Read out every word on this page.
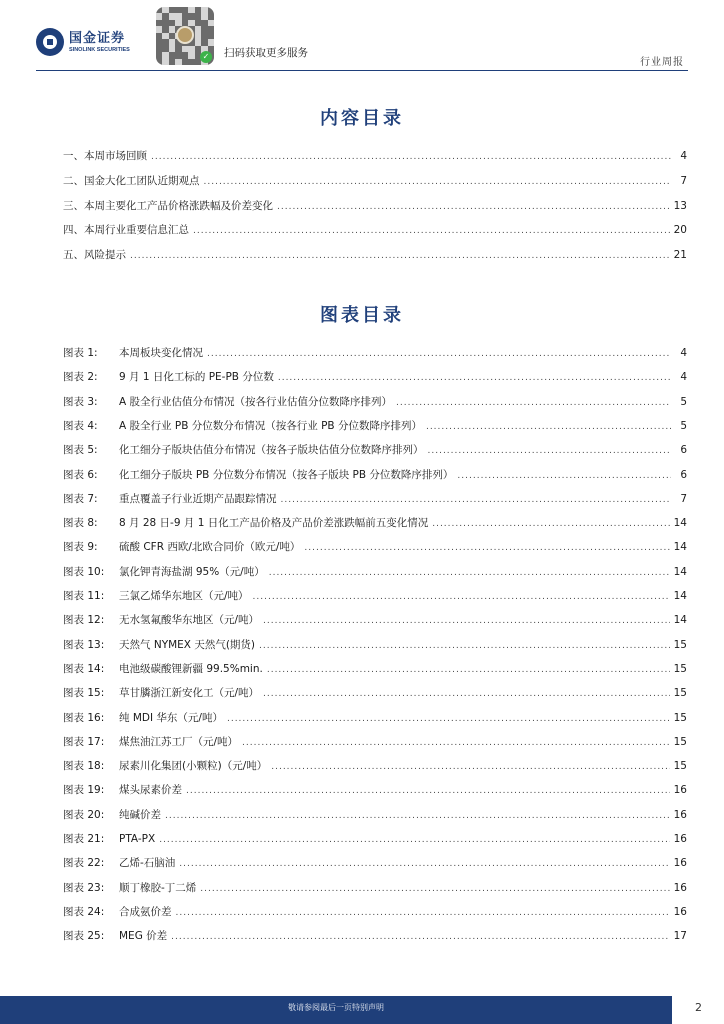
国金证券
SINOLINK SECURITIES
✓ 扫码获取更多服务
行业周报
内容目录
一、本周市场回顾 .....	4
二、国金大化工团队近期观点 .....	7
三、本周主要化工产品价格涨跌幅及价差变化 .....	13
四、本周行业重要信息汇总 .....	20
五、风险提示 .....	21
图表目录
图表 1:	本周板块变化情况 .....	4
图表 2:	9 月 1 日化工标的 PE-PB 分位数 .....	4
图表 3:	A 股全行业估值分布情况（按各行业估值分位数降序排列） .....	5
图表 4:	A 股全行业 PB 分位数分布情况（按各行业 PB 分位数降序排列） .....	5
图表 5:	化工细分子版块估值分布情况（按各子版块估值分位数降序排列） .....	6
图表 6:	化工细分子版块 PB 分位数分布情况（按各子版块 PB 分位数降序排列） .....	6
图表 7:	重点覆盖子行业近期产品跟踪情况 .....	7
图表 8:	8 月 28 日-9 月 1 日化工产品价格及产品价差涨跌幅前五变化情况 .....	14
图表 9:	硫酸 CFR 西欧/北欧合同价（欧元/吨） .....	14
图表 10:	氯化钾青海盐湖 95%（元/吨） .....	14
图表 11:	三氯乙烯华东地区（元/吨） .....	14
图表 12:	无水氢氟酸华东地区（元/吨） .....	14
图表 13:	天然气 NYMEX 天然气(期货) .....	15
图表 14:	电池级碳酸锂新疆 99.5%min. .....	15
图表 15:	草甘膦浙江新安化工（元/吨） .....	15
图表 16:	纯 MDI 华东（元/吨） .....	15
图表 17:	煤焦油江苏工厂（元/吨） .....	15
图表 18:	尿素川化集团(小颗粒)（元/吨） .....	15
图表 19:	煤头尿素价差 .....	16
图表 20:	纯碱价差 .....	16
图表 21:	PTA-PX .....	16
图表 22:	乙烯-石脑油 .....	16
图表 23:	顺丁橡胶-丁二烯 .....	16
图表 24:	合成氨价差 .....	16
图表 25:	MEG 价差 .....	17
敬请参阅最后一页特别声明	2
